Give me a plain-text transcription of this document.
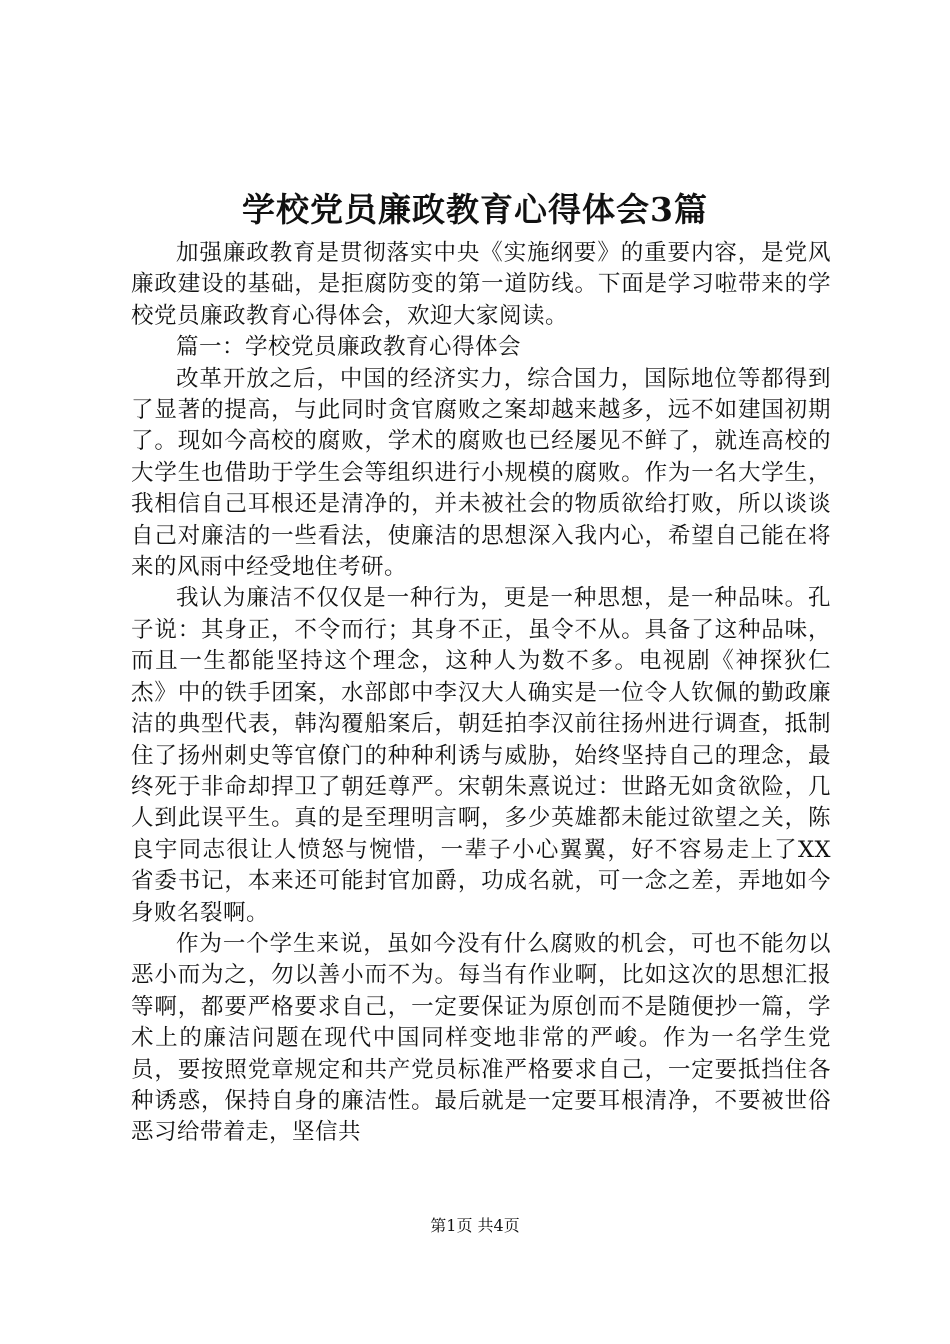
学校党员廉政教育心得体会3篇

加强廉政教育是贯彻落实中央《实施纲要》的重要内容，是党风廉政建设的基础，是拒腐防变的第一道防线。下面是学习啦带来的学校党员廉政教育心得体会，欢迎大家阅读。

篇一：学校党员廉政教育心得体会

改革开放之后，中国的经济实力，综合国力，国际地位等都得到了显著的提高，与此同时贪官腐败之案却越来越多，远不如建国初期了。现如今高校的腐败，学术的腐败也已经屡见不鲜了，就连高校的大学生也借助于学生会等组织进行小规模的腐败。作为一名大学生，我相信自己耳根还是清净的，并未被社会的物质欲给打败，所以谈谈自己对廉洁的一些看法，使廉洁的思想深入我内心，希望自己能在将来的风雨中经受地住考研。

我认为廉洁不仅仅是一种行为，更是一种思想，是一种品味。孔子说：其身正，不令而行；其身不正，虽令不从。具备了这种品味，而且一生都能坚持这个理念，这种人为数不多。电视剧《神探狄仁杰》中的铁手团案，水部郎中李汉大人确实是一位令人钦佩的勤政廉洁的典型代表，韩沟覆船案后，朝廷拍李汉前往扬州进行调查，抵制住了扬州刺史等官僚门的种种利诱与威胁，始终坚持自己的理念，最终死于非命却捍卫了朝廷尊严。宋朝朱熹说过：世路无如贪欲险，几人到此误平生。真的是至理明言啊，多少英雄都未能过欲望之关，陈良宇同志很让人愤怒与惋惜，一辈子小心翼翼，好不容易走上了XX省委书记，本来还可能封官加爵，功成名就，可一念之差，弄地如今身败名裂啊。

作为一个学生来说，虽如今没有什么腐败的机会，可也不能勿以恶小而为之，勿以善小而不为。每当有作业啊，比如这次的思想汇报等啊，都要严格要求自己，一定要保证为原创而不是随便抄一篇，学术上的廉洁问题在现代中国同样变地非常的严峻。作为一名学生党员，要按照党章规定和共产党员标准严格要求自己，一定要抵挡住各种诱惑，保持自身的廉洁性。最后就是一定要耳根清净，不要被世俗恶习给带着走，坚信共

第1页 共4页
